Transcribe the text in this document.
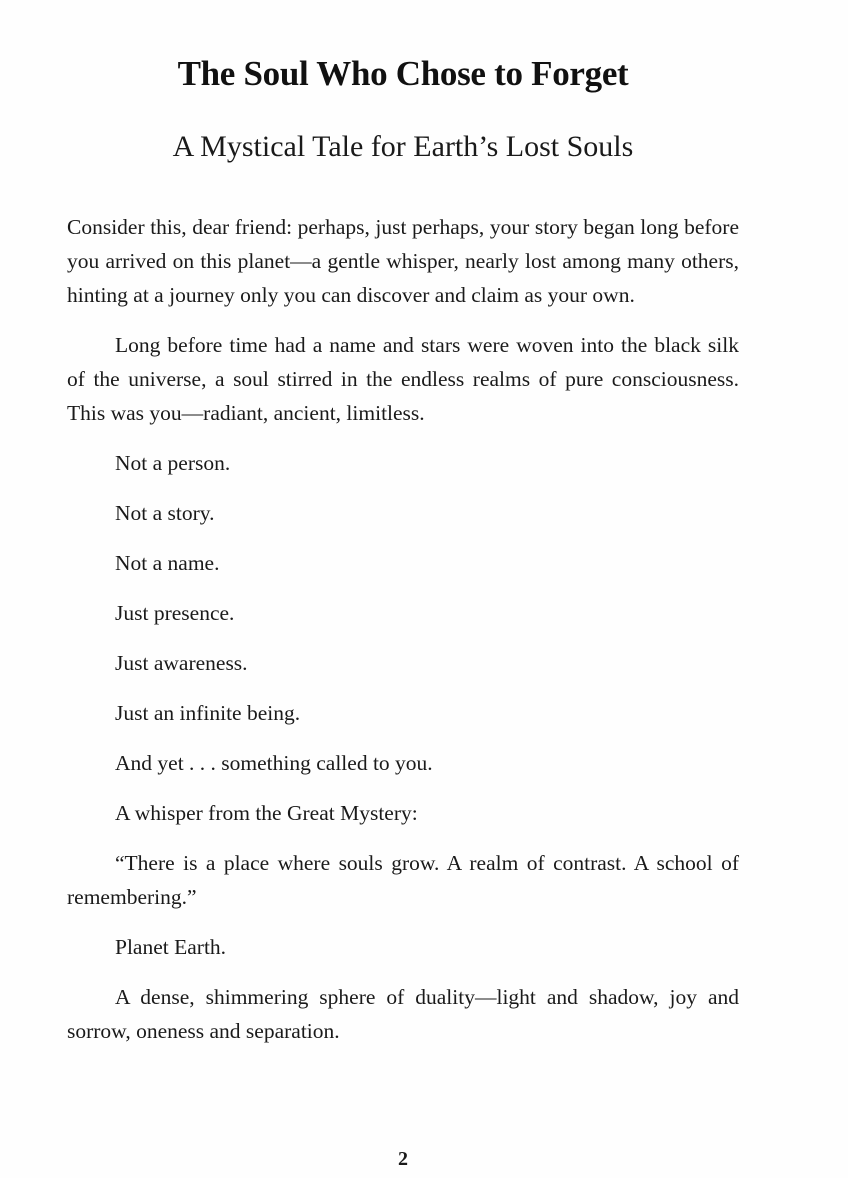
The Soul Who Chose to Forget
A Mystical Tale for Earth’s Lost Souls

Consider this, dear friend: perhaps, just perhaps, your story began long before you arrived on this planet—a gentle whisper, nearly lost among many others, hinting at a journey only you can discover and claim as your own.

Long before time had a name and stars were woven into the black silk of the universe, a soul stirred in the endless realms of pure consciousness. This was you—radiant, ancient, limitless.

Not a person.

Not a story.

Not a name.

Just presence.

Just awareness.

Just an infinite being.

And yet . . . something called to you.

A whisper from the Great Mystery:

“There is a place where souls grow. A realm of contrast. A school of remembering.”

Planet Earth.

A dense, shimmering sphere of duality—light and shadow, joy and sorrow, oneness and separation.

2
